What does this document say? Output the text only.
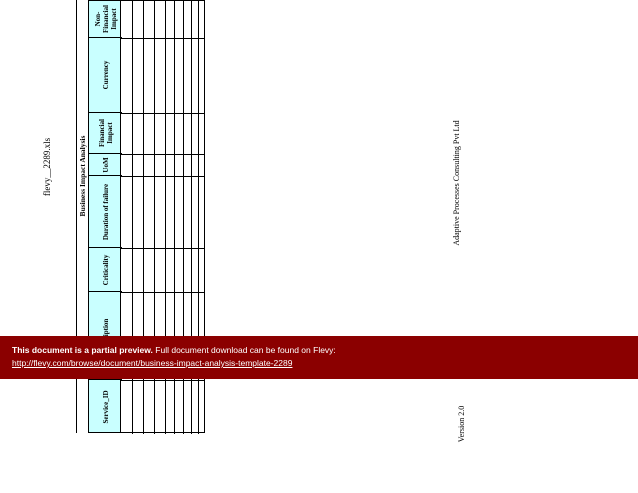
flevy__2289.xls	Business Impact Analysis
Non-Financial Impact
Currency
Financial Impact
UoM
Duration of failure
Criticality
Service_ID
Adaptive Processes Consulting Pvt Ltd
Version 2.0
This document is a partial preview. Full document download can be found on Flevy:
http://flevy.com/browse/document/business-impact-analysis-template-2289
